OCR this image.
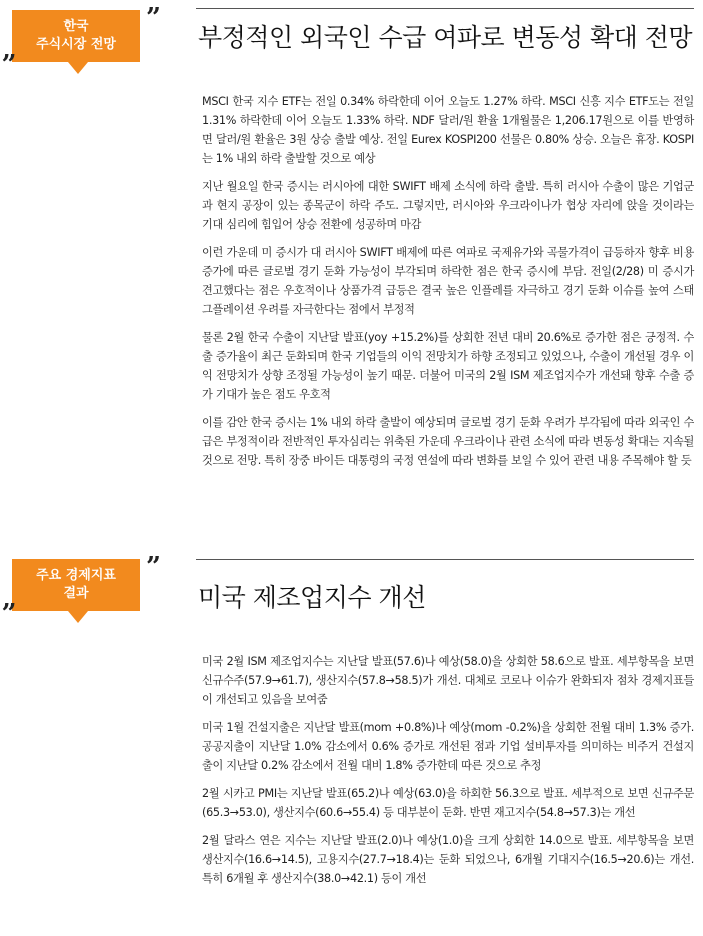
한국
주식시장 전망
„
”
부정적인 외국인 수급 여파로 변동성 확대 전망

MSCI 한국 지수 ETF는 전일 0.34% 하락한데 이어 오늘도 1.27% 하락. MSCI 신흥 지수 ETF도는 전일 1.31% 하락한데 이어 오늘도 1.33% 하락. NDF 달러/원 환율 1개월물은 1,206.17원으로 이를 반영하면 달러/원 환율은 3원 상승 출발 예상. 전일 Eurex KOSPI200 선물은 0.80% 상승. 오늘은 휴장. KOSPI는 1% 내외 하락 출발할 것으로 예상

지난 월요일 한국 증시는 러시아에 대한 SWIFT 배제 소식에 하락 출발. 특히 러시아 수출이 많은 기업군과 현지 공장이 있는 종목군이 하락 주도. 그렇지만, 러시아와 우크라이나가 협상 자리에 앉을 것이라는 기대 심리에 힘입어 상승 전환에 성공하며 마감

이런 가운데 미 증시가 대 러시아 SWIFT 배제에 따른 여파로 국제유가와 곡물가격이 급등하자 향후 비용 증가에 따른 글로벌 경기 둔화 가능성이 부각되며 하락한 점은 한국 증시에 부담. 전일(2/28) 미 증시가 견고했다는 점은 우호적이나 상품가격 급등은 결국 높은 인플레를 자극하고 경기 둔화 이슈를 높여 스태그플레이션 우려를 자극한다는 점에서 부정적

물론 2월 한국 수출이 지난달 발표(yoy +15.2%)를 상회한 전년 대비 20.6%로 증가한 점은 긍정적. 수출 증가율이 최근 둔화되며 한국 기업들의 이익 전망치가 하향 조정되고 있었으나, 수출이 개선될 경우 이익 전망치가 상향 조정될 가능성이 높기 때문. 더불어 미국의 2월 ISM 제조업지수가 개선돼 향후 수출 증가 기대가 높은 점도 우호적

이를 감안 한국 증시는 1% 내외 하락 출발이 예상되며 글로벌 경기 둔화 우려가 부각됨에 따라 외국인 수급은 부정적이라 전반적인 투자심리는 위축된 가운데 우크라이나 관련 소식에 따라 변동성 확대는 지속될 것으로 전망. 특히 장중 바이든 대통령의 국정 연설에 따라 변화를 보일 수 있어 관련 내용 주목해야 할 듯

주요 경제지표
결과
„
”
미국 제조업지수 개선

미국 2월 ISM 제조업지수는 지난달 발표(57.6)나 예상(58.0)을 상회한 58.6으로 발표. 세부항목을 보면 신규수주(57.9→61.7), 생산지수(57.8→58.5)가 개선. 대체로 코로나 이슈가 완화되자 점차 경제지표들이 개선되고 있음을 보여줌

미국 1월 건설지출은 지난달 발표(mom +0.8%)나 예상(mom -0.2%)을 상회한 전월 대비 1.3% 증가. 공공지출이 지난달 1.0% 감소에서 0.6% 증가로 개선된 점과 기업 설비투자를 의미하는 비주거 건설지출이 지난달 0.2% 감소에서 전월 대비 1.8% 증가한데 따른 것으로 추정

2월 시카고 PMI는 지난달 발표(65.2)나 예상(63.0)을 하회한 56.3으로 발표. 세부적으로 보면 신규주문(65.3→53.0), 생산지수(60.6→55.4) 등 대부분이 둔화. 반면 재고지수(54.8→57.3)는 개선

2월 달라스 연은 지수는 지난달 발표(2.0)나 예상(1.0)을 크게 상회한 14.0으로 발표. 세부항목을 보면 생산지수(16.6→14.5), 고용지수(27.7→18.4)는 둔화 되었으나, 6개월 기대지수(16.5→20.6)는 개선. 특히 6개월 후 생산지수(38.0→42.1) 등이 개선
